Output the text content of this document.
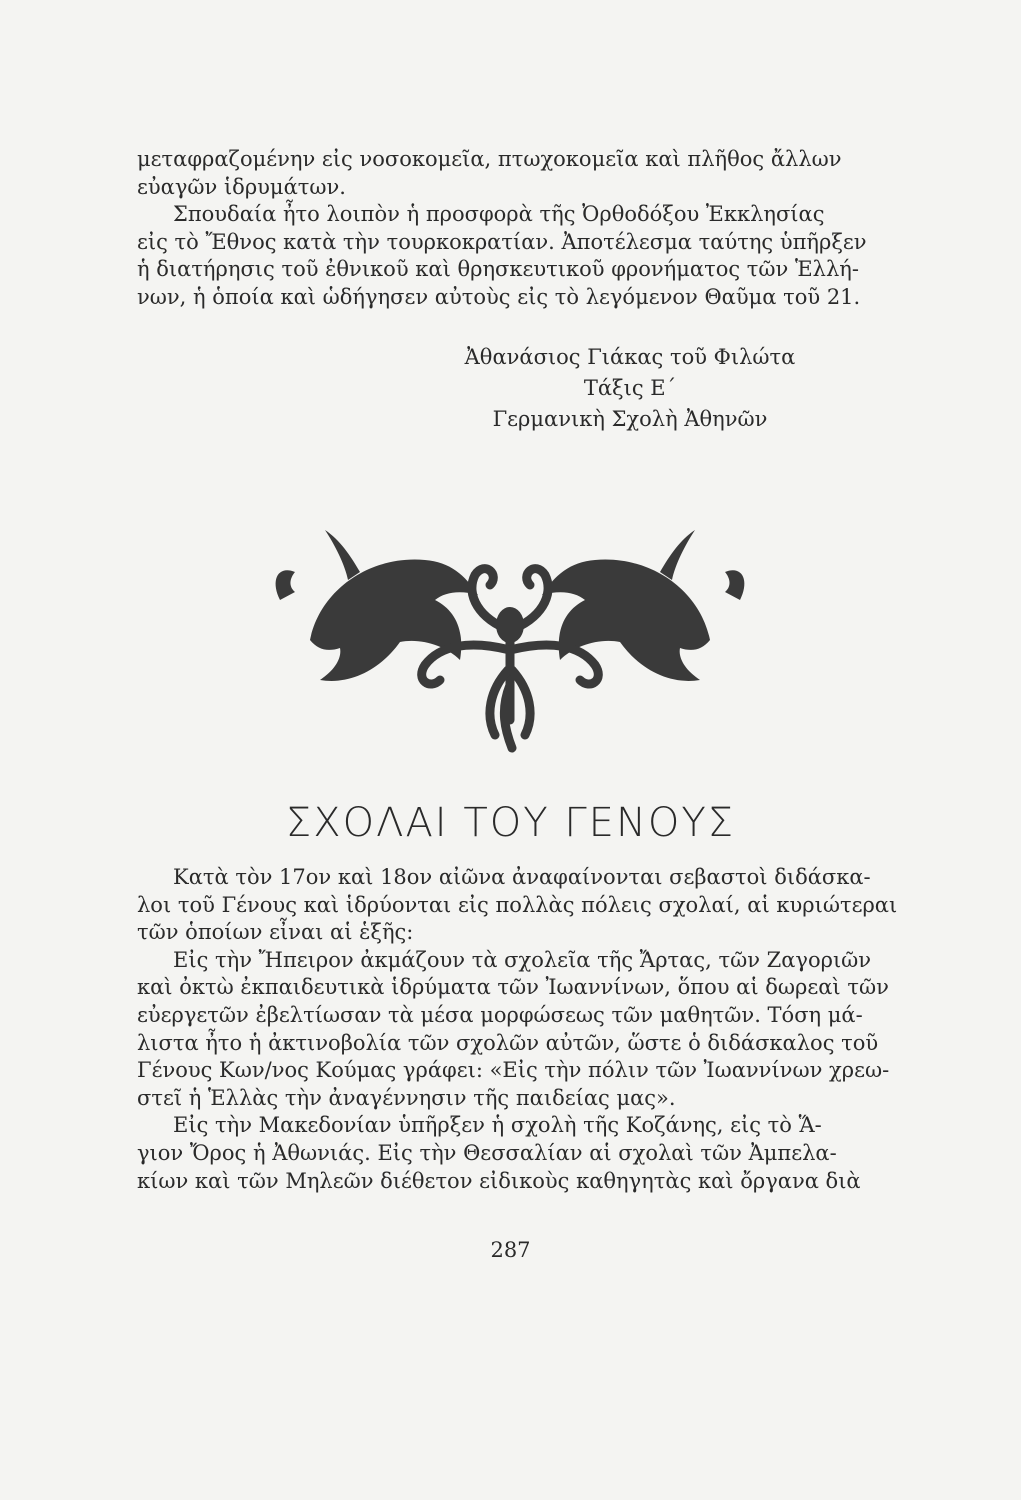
μεταφραζομένην εἰς νοσοκομεῖα, πτωχοκομεῖα καὶ πλῆθος ἄλλων
εὐαγῶν ἱδρυμάτων.

Σπουδαία ἦτο λοιπὸν ἡ προσφορὰ τῆς Ὀρθοδόξου Ἐκκλησίας
εἰς τὸ Ἔθνος κατὰ τὴν τουρκοκρατίαν. Ἀποτέλεσμα ταύτης ὑπῆρξεν
ἡ διατήρησις τοῦ ἐθνικοῦ καὶ θρησκευτικοῦ φρονήματος τῶν Ἑλλή-
νων, ἡ ὁποία καὶ ὡδήγησεν αὐτοὺς εἰς τὸ λεγόμενον Θαῦμα τοῦ 21.

Ἀθανάσιος Γιάκας τοῦ Φιλώτα
Τάξις Ε΄
Γερμανικὴ Σχολὴ Ἀθηνῶν
ΣΧΟΛΑΙ ΤΟΥ ΓΕΝΟΥΣ

Κατὰ τὸν 17ον καὶ 18ον αἰῶνα ἀναφαίνονται σεβαστοὶ διδάσκα-
λοι τοῦ Γένους καὶ ἱδρύονται εἰς πολλὰς πόλεις σχολαί, αἱ κυριώτεραι
τῶν ὁποίων εἶναι αἱ ἑξῆς:

Εἰς τὴν Ἤπειρον ἀκμάζουν τὰ σχολεῖα τῆς Ἄρτας, τῶν Ζαγοριῶν
καὶ ὀκτὼ ἐκπαιδευτικὰ ἱδρύματα τῶν Ἰωαννίνων, ὅπου αἱ δωρεαὶ τῶν
εὐεργετῶν ἐβελτίωσαν τὰ μέσα μορφώσεως τῶν μαθητῶν. Τόση μά-
λιστα ἦτο ἡ ἀκτινοβολία τῶν σχολῶν αὐτῶν, ὥστε ὁ διδάσκαλος τοῦ
Γένους Κων/νος Κούμας γράφει: «Εἰς τὴν πόλιν τῶν Ἰωαννίνων χρεω-
στεῖ ἡ Ἑλλὰς τὴν ἀναγέννησιν τῆς παιδείας μας».

Εἰς τὴν Μακεδονίαν ὑπῆρξεν ἡ σχολὴ τῆς Κοζάνης, εἰς τὸ Ἅ-
γιον Ὄρος ἡ Ἀθωνιάς. Εἰς τὴν Θεσσαλίαν αἱ σχολαὶ τῶν Ἀμπελα-
κίων καὶ τῶν Μηλεῶν διέθετον εἰδικοὺς καθηγητὰς καὶ ὄργανα διὰ

287
